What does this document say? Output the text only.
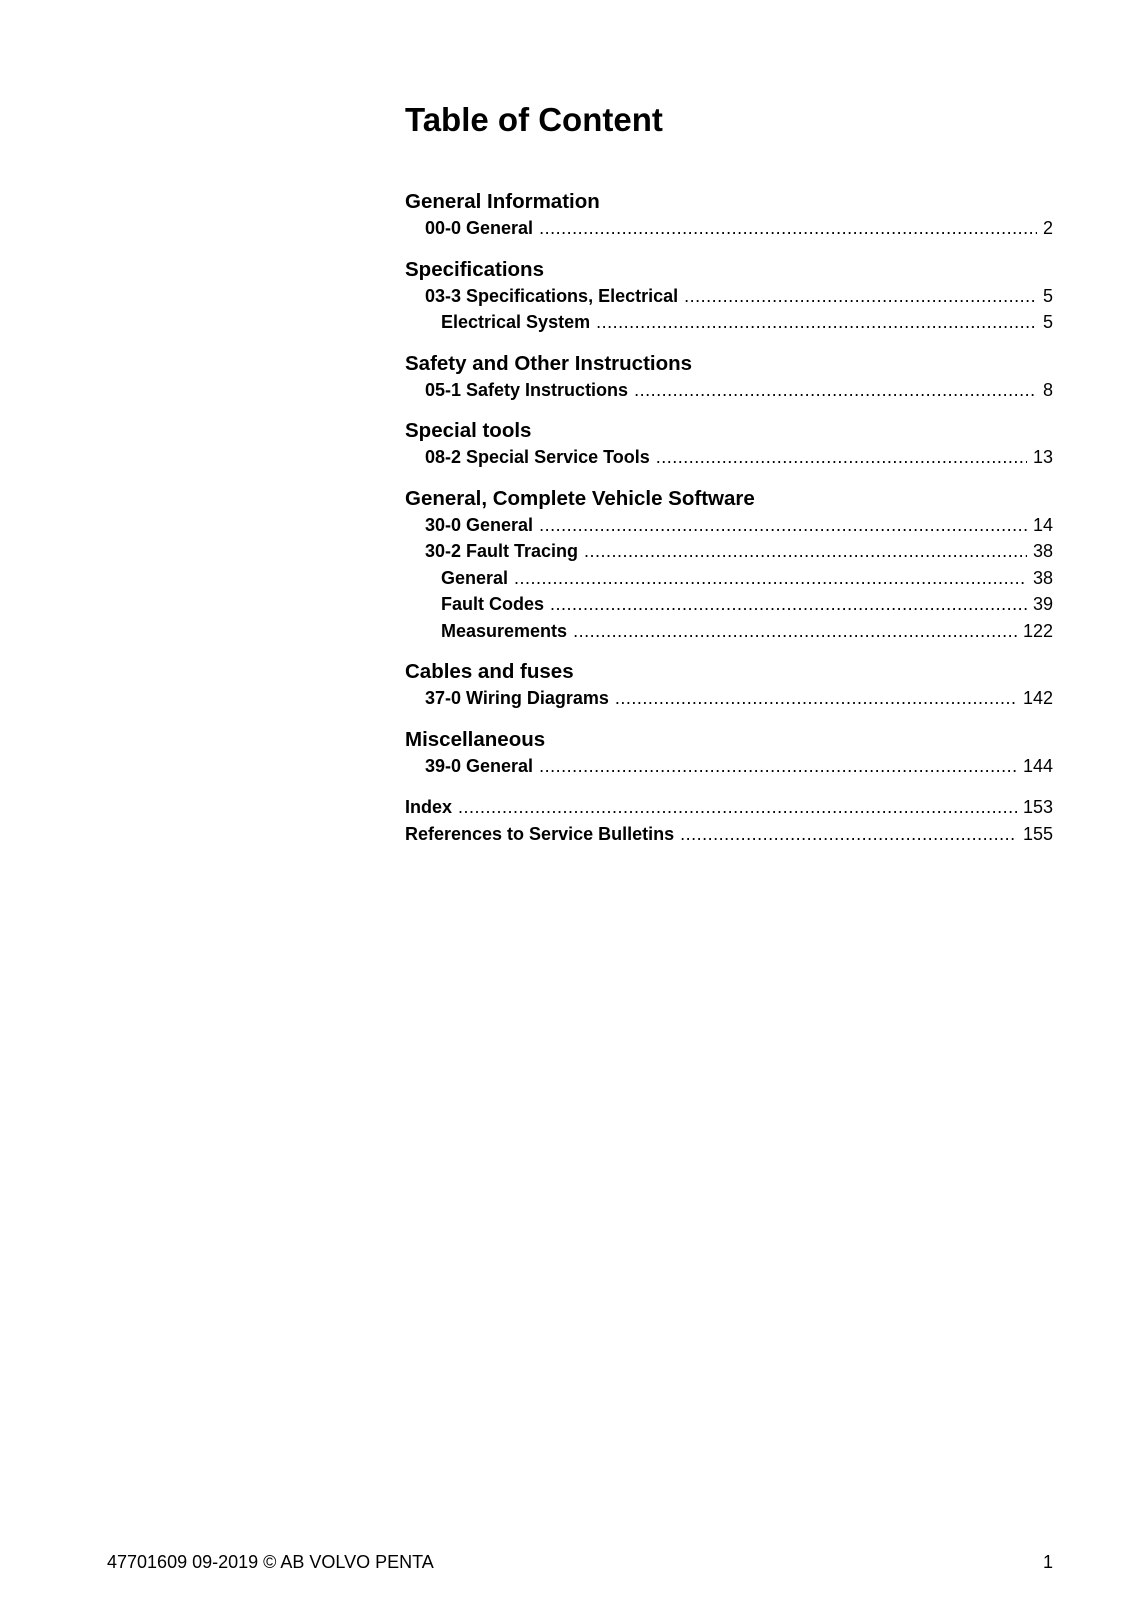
Table of Content
General Information
00-0 General .....	2
Specifications
03-3 Specifications, Electrical .....	5
Electrical System .....	5
Safety and Other Instructions
05-1 Safety Instructions .....	8
Special tools
08-2 Special Service Tools .....	13
General, Complete Vehicle Software
30-0 General .....	14
30-2 Fault Tracing .....	38
General .....	38
Fault Codes .....	39
Measurements .....	122
Cables and fuses
37-0 Wiring Diagrams .....	142
Miscellaneous
39-0 General .....	144
Index .....	153
References to Service Bulletins .....	155
47701609 09-2019 © AB VOLVO PENTA	1
